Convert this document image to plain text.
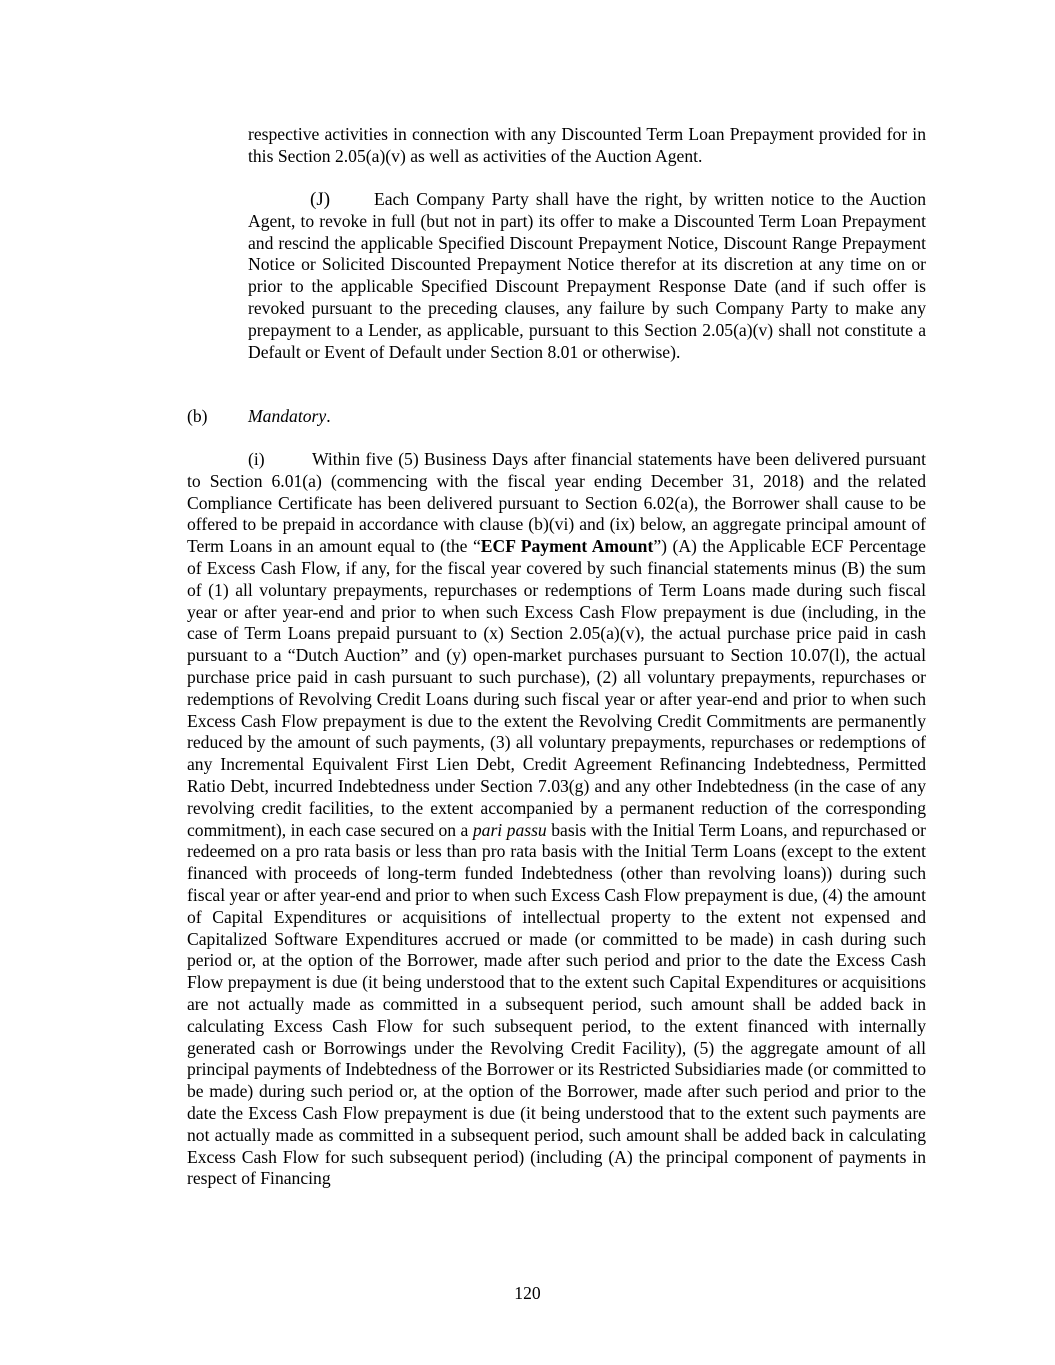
respective activities in connection with any Discounted Term Loan Prepayment provided for in this Section 2.05(a)(v) as well as activities of the Auction Agent.

(J) Each Company Party shall have the right, by written notice to the Auction Agent, to revoke in full (but not in part) its offer to make a Discounted Term Loan Prepayment and rescind the applicable Specified Discount Prepayment Notice, Discount Range Prepayment Notice or Solicited Discounted Prepayment Notice therefor at its discretion at any time on or prior to the applicable Specified Discount Prepayment Response Date (and if such offer is revoked pursuant to the preceding clauses, any failure by such Company Party to make any prepayment to a Lender, as applicable, pursuant to this Section 2.05(a)(v) shall not constitute a Default or Event of Default under Section 8.01 or otherwise).

(b) Mandatory.

(i)	Within five (5) Business Days after financial statements have been delivered pursuant to Section 6.01(a) (commencing with the fiscal year ending December 31, 2018) and the related Compliance Certificate has been delivered pursuant to Section 6.02(a), the Borrower shall cause to be offered to be prepaid in accordance with clause (b)(vi) and (ix) below, an aggregate principal amount of Term Loans in an amount equal to (the “ECF Payment Amount”) (A) the Applicable ECF Percentage of Excess Cash Flow, if any, for the fiscal year covered by such financial statements minus (B) the sum of (1) all voluntary prepayments, repurchases or redemptions of Term Loans made during such fiscal year or after year-end and prior to when such Excess Cash Flow prepayment is due (including, in the case of Term Loans prepaid pursuant to (x) Section 2.05(a)(v), the actual purchase price paid in cash pursuant to a “Dutch Auction” and (y) open-market purchases pursuant to Section 10.07(l), the actual purchase price paid in cash pursuant to such purchase), (2) all voluntary prepayments, repurchases or redemptions of Revolving Credit Loans during such fiscal year or after year-end and prior to when such Excess Cash Flow prepayment is due to the extent the Revolving Credit Commitments are permanently reduced by the amount of such payments, (3) all voluntary prepayments, repurchases or redemptions of any Incremental Equivalent First Lien Debt, Credit Agreement Refinancing Indebtedness, Permitted Ratio Debt, incurred Indebtedness under Section 7.03(g) and any other Indebtedness (in the case of any revolving credit facilities, to the extent accompanied by a permanent reduction of the corresponding commitment), in each case secured on a pari passu basis with the Initial Term Loans, and repurchased or redeemed on a pro rata basis or less than pro rata basis with the Initial Term Loans (except to the extent financed with proceeds of long-term funded Indebtedness (other than revolving loans)) during such fiscal year or after year-end and prior to when such Excess Cash Flow prepayment is due, (4) the amount of Capital Expenditures or acquisitions of intellectual property to the extent not expensed and Capitalized Software Expenditures accrued or made (or committed to be made) in cash during such period or, at the option of the Borrower, made after such period and prior to the date the Excess Cash Flow prepayment is due (it being understood that to the extent such Capital Expenditures or acquisitions are not actually made as committed in a subsequent period, such amount shall be added back in calculating Excess Cash Flow for such subsequent period, to the extent financed with internally generated cash or Borrowings under the Revolving Credit Facility), (5) the aggregate amount of all principal payments of Indebtedness of the Borrower or its Restricted Subsidiaries made (or committed to be made) during such period or, at the option of the Borrower, made after such period and prior to the date the Excess Cash Flow prepayment is due (it being understood that to the extent such payments are not actually made as committed in a subsequent period, such amount shall be added back in calculating Excess Cash Flow for such subsequent period) (including (A) the principal component of payments in respect of Financing

120
